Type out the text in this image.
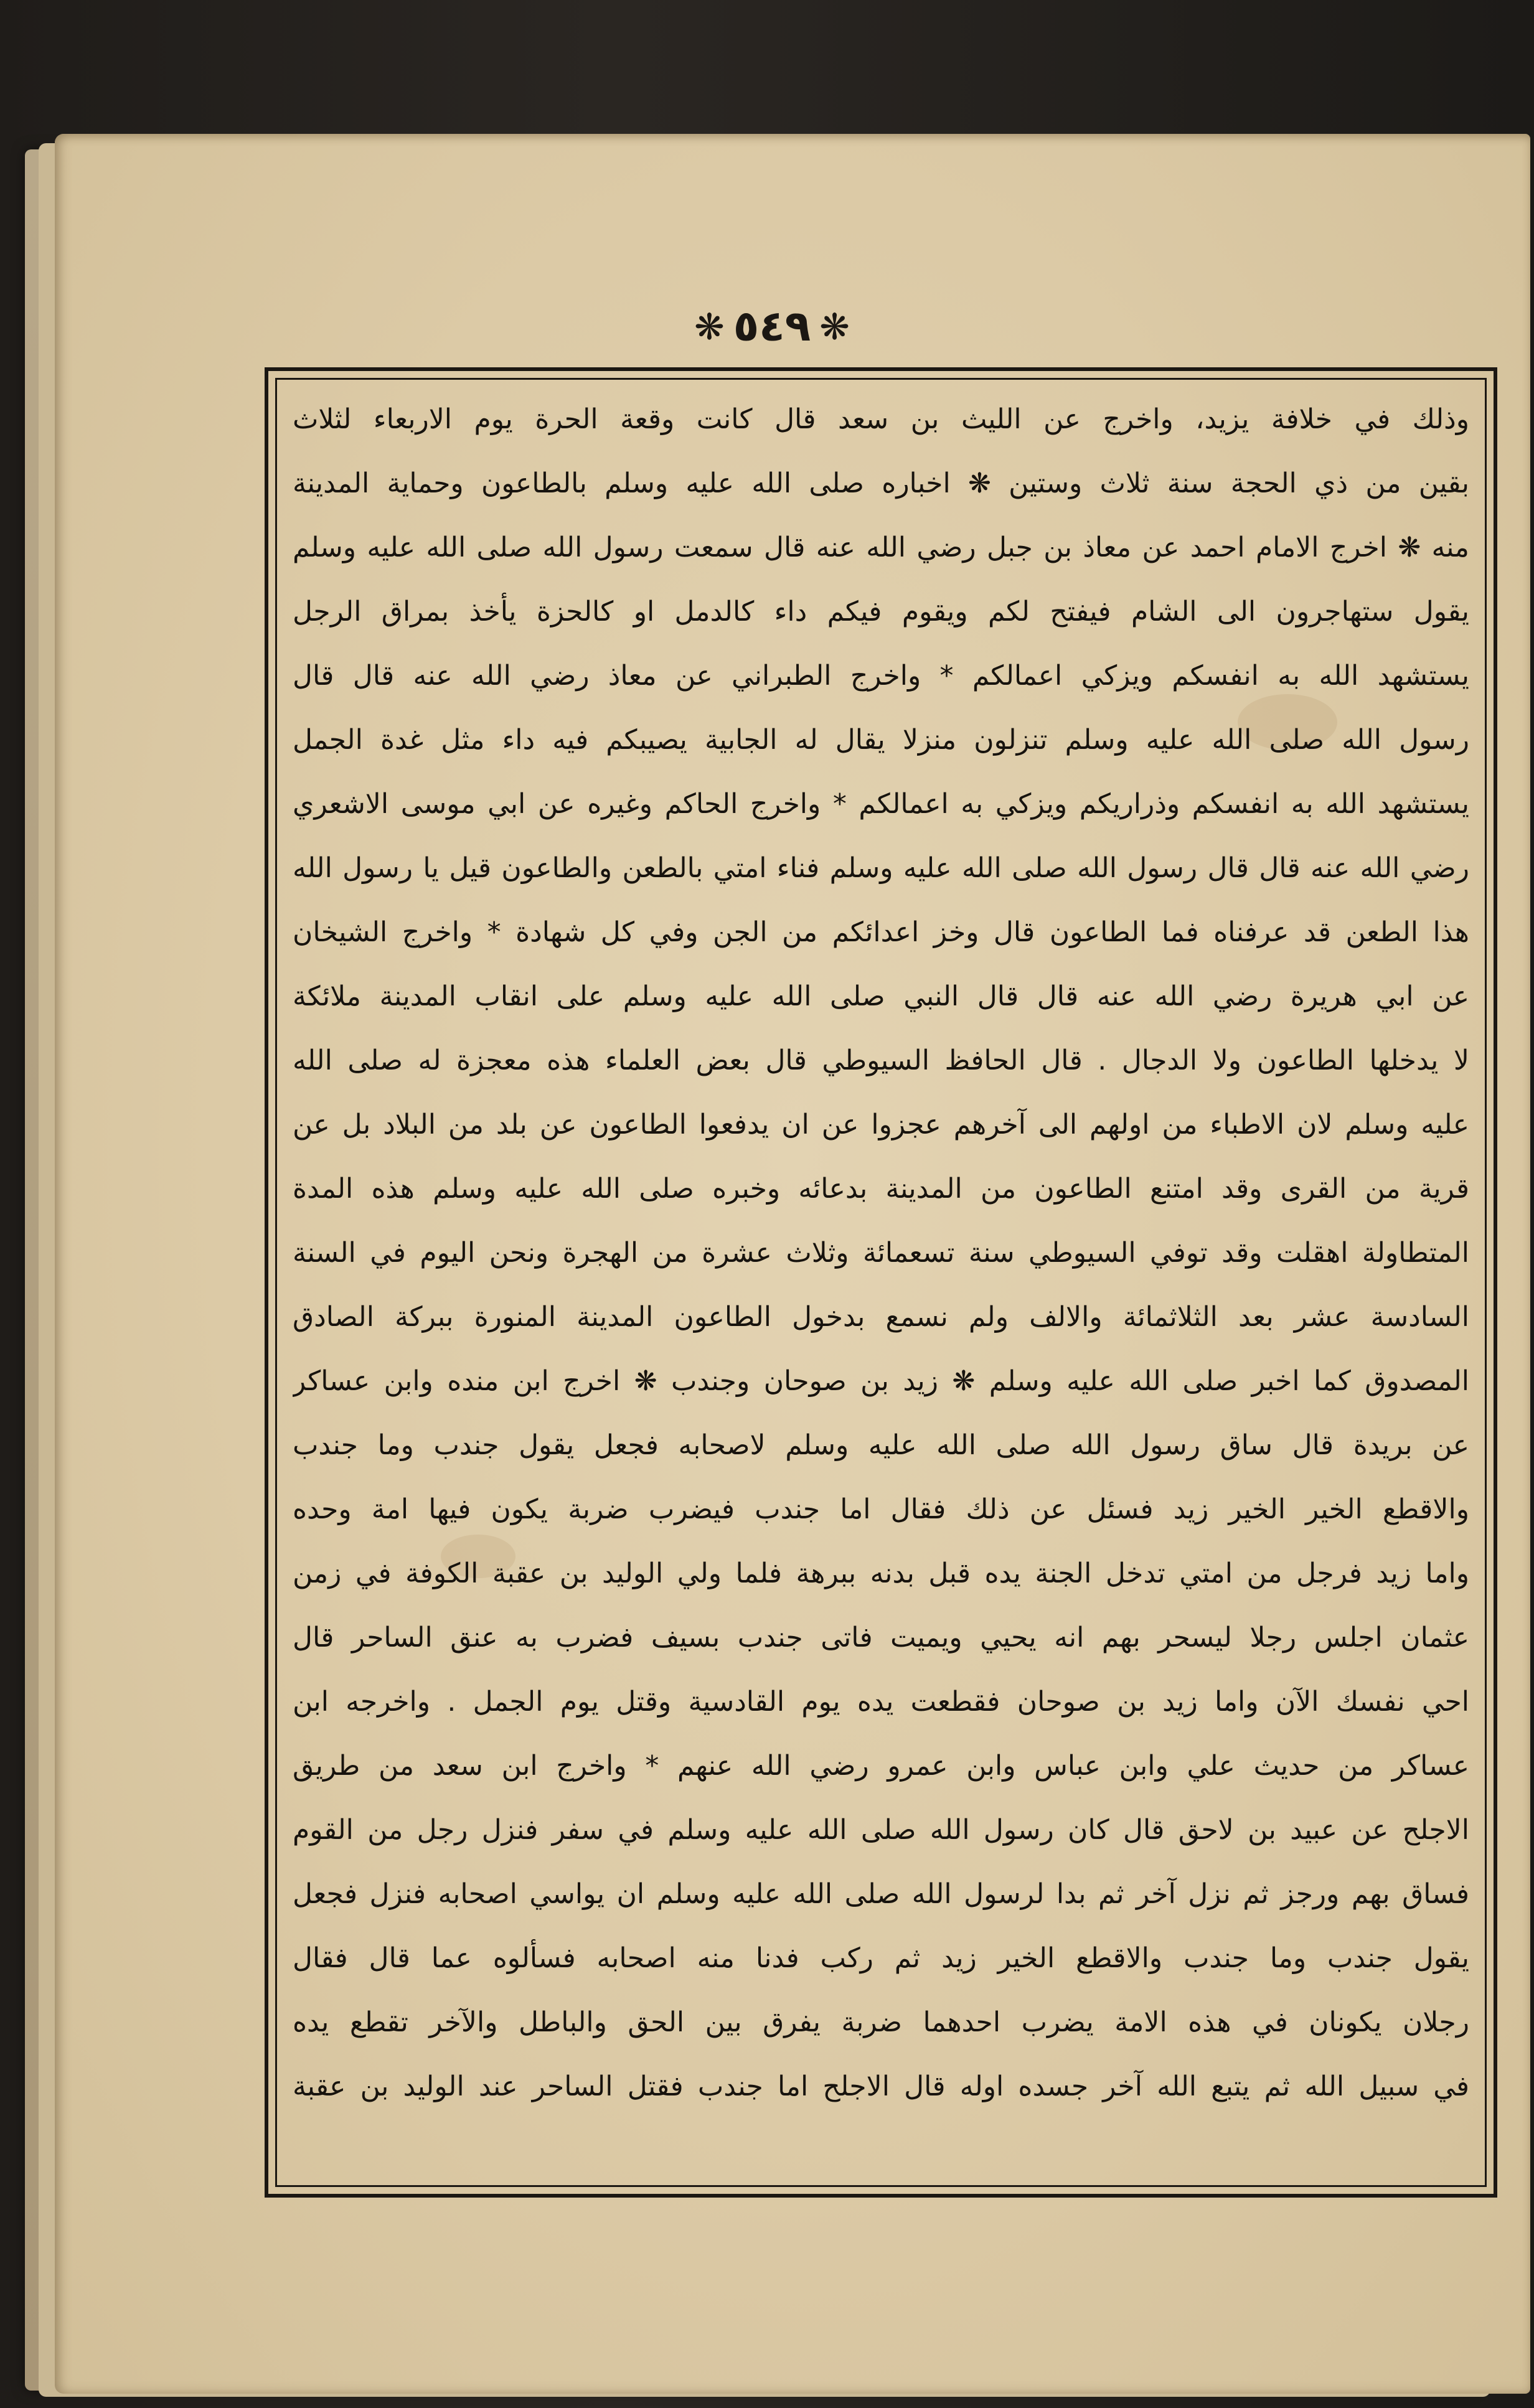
❋ ٥٤٩ ❋
وذلك في خلافة يزيد، واخرج عن الليث بن سعد قال كانت وقعة الحرة يوم الاربعاء لثلاث
بقين من ذي الحجة سنة ثلاث وستين ❋ اخباره صلى الله عليه وسلم بالطاعون وحماية المدينة
منه ❋ اخرج الامام احمد عن معاذ بن جبل رضي الله عنه قال سمعت رسول الله صلى الله عليه وسلم
يقول ستهاجرون الى الشام فيفتح لكم ويقوم فيكم داء كالدمل او كالحزة يأخذ بمراق الرجل
يستشهد الله به انفسكم ويزكي اعمالكم * واخرج الطبراني عن معاذ رضي الله عنه قال قال
رسول الله صلى الله عليه وسلم تنزلون منزلا يقال له الجابية يصيبكم فيه داء مثل غدة الجمل
يستشهد الله به انفسكم وذراريكم ويزكي به اعمالكم * واخرج الحاكم وغيره عن ابي موسى الاشعري
رضي الله عنه قال قال رسول الله صلى الله عليه وسلم فناء امتي بالطعن والطاعون قيل يا رسول الله
هذا الطعن قد عرفناه فما الطاعون قال وخز اعدائكم من الجن وفي كل شهادة * واخرج الشيخان
عن ابي هريرة رضي الله عنه قال قال النبي صلى الله عليه وسلم على انقاب المدينة ملائكة
لا يدخلها الطاعون ولا الدجال . قال الحافظ السيوطي قال بعض العلماء هذه معجزة له صلى الله
عليه وسلم لان الاطباء من اولهم الى آخرهم عجزوا عن ان يدفعوا الطاعون عن بلد من البلاد بل عن
قرية من القرى وقد امتنع الطاعون من المدينة بدعائه وخبره صلى الله عليه وسلم هذه المدة
المتطاولة اهقلت وقد توفي السيوطي سنة تسعمائة وثلاث عشرة من الهجرة ونحن اليوم في السنة
السادسة عشر بعد الثلاثمائة والالف ولم نسمع بدخول الطاعون المدينة المنورة ببركة الصادق
المصدوق كما اخبر صلى الله عليه وسلم ❋ زيد بن صوحان وجندب ❋ اخرج ابن منده وابن عساكر
عن بريدة قال ساق رسول الله صلى الله عليه وسلم لاصحابه فجعل يقول جندب وما جندب
والاقطع الخير الخير زيد فسئل عن ذلك فقال اما جندب فيضرب ضربة يكون فيها امة وحده
واما زيد فرجل من امتي تدخل الجنة يده قبل بدنه ببرهة فلما ولي الوليد بن عقبة الكوفة في زمن
عثمان اجلس رجلا ليسحر بهم انه يحيي ويميت فاتى جندب بسيف فضرب به عنق الساحر قال
احي نفسك الآن واما زيد بن صوحان فقطعت يده يوم القادسية وقتل يوم الجمل . واخرجه ابن
عساكر من حديث علي وابن عباس وابن عمرو رضي الله عنهم * واخرج ابن سعد من طريق
الاجلح عن عبيد بن لاحق قال كان رسول الله صلى الله عليه وسلم في سفر فنزل رجل من القوم
فساق بهم ورجز ثم نزل آخر ثم بدا لرسول الله صلى الله عليه وسلم ان يواسي اصحابه فنزل فجعل
يقول جندب وما جندب والاقطع الخير زيد ثم ركب فدنا منه اصحابه فسألوه عما قال فقال
رجلان يكونان في هذه الامة يضرب احدهما ضربة يفرق بين الحق والباطل والآخر تقطع يده
في سبيل الله ثم يتبع الله آخر جسده اوله قال الاجلح اما جندب فقتل الساحر عند الوليد بن عقبة
